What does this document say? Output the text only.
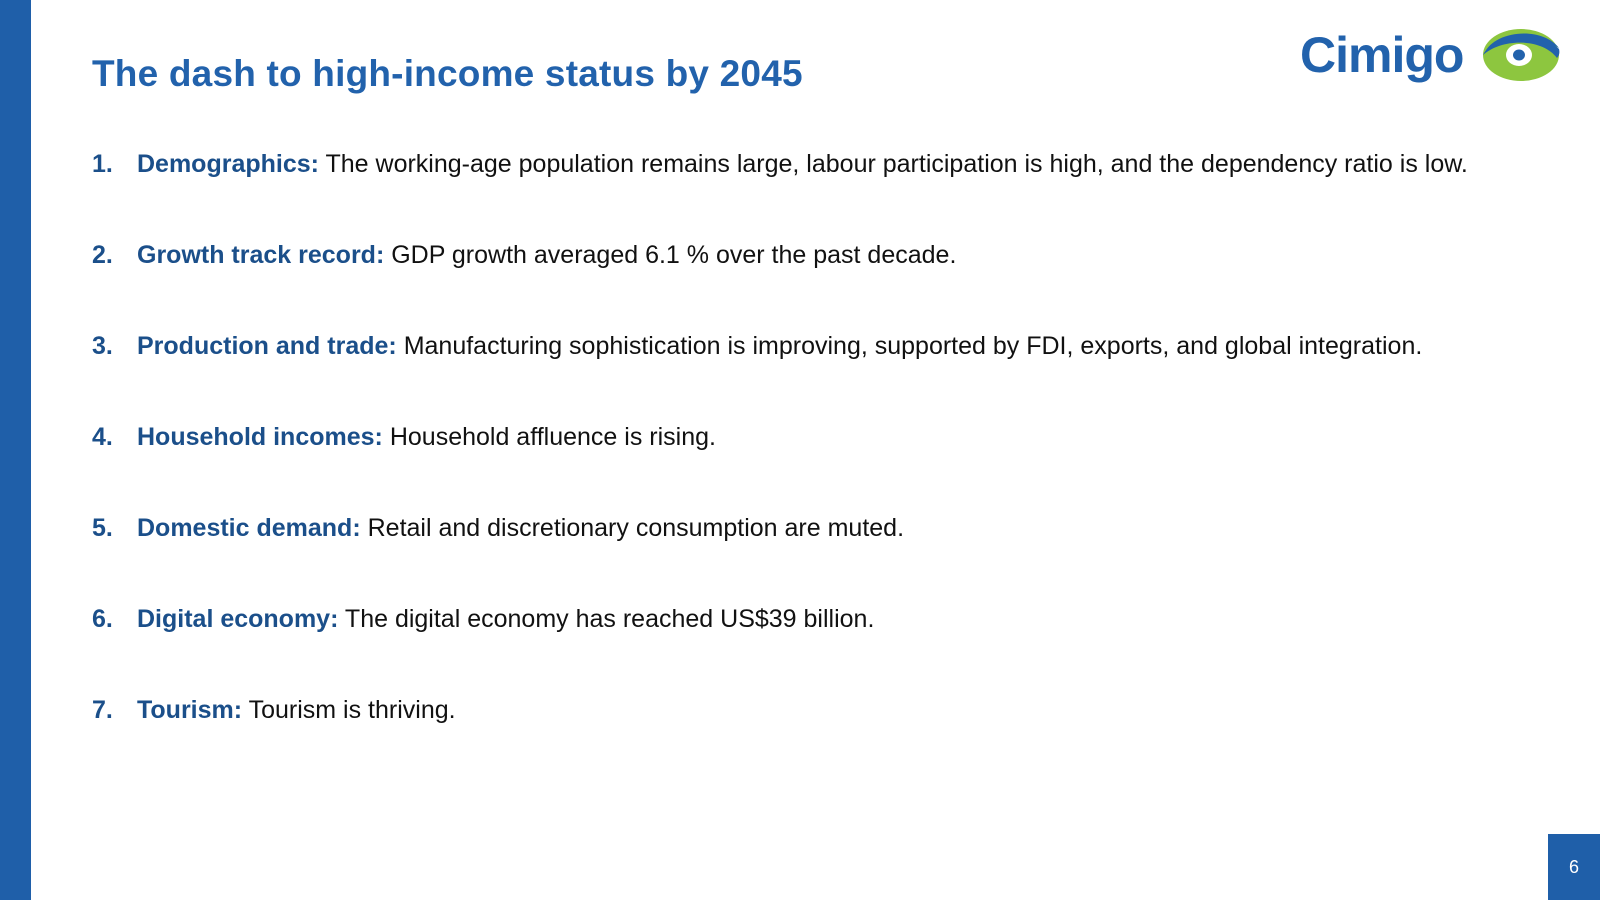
The dash to high-income status by 2045	Cimigo
1. Demographics: The working-age population remains large, labour participation is high, and the dependency ratio is low.
2. Growth track record: GDP growth averaged 6.1 % over the past decade.
3. Production and trade: Manufacturing sophistication is improving, supported by FDI, exports, and global integration.
4. Household incomes: Household affluence is rising.
5. Domestic demand: Retail and discretionary consumption are muted.
6. Digital economy: The digital economy has reached US$39 billion.
7. Tourism: Tourism is thriving.
6
